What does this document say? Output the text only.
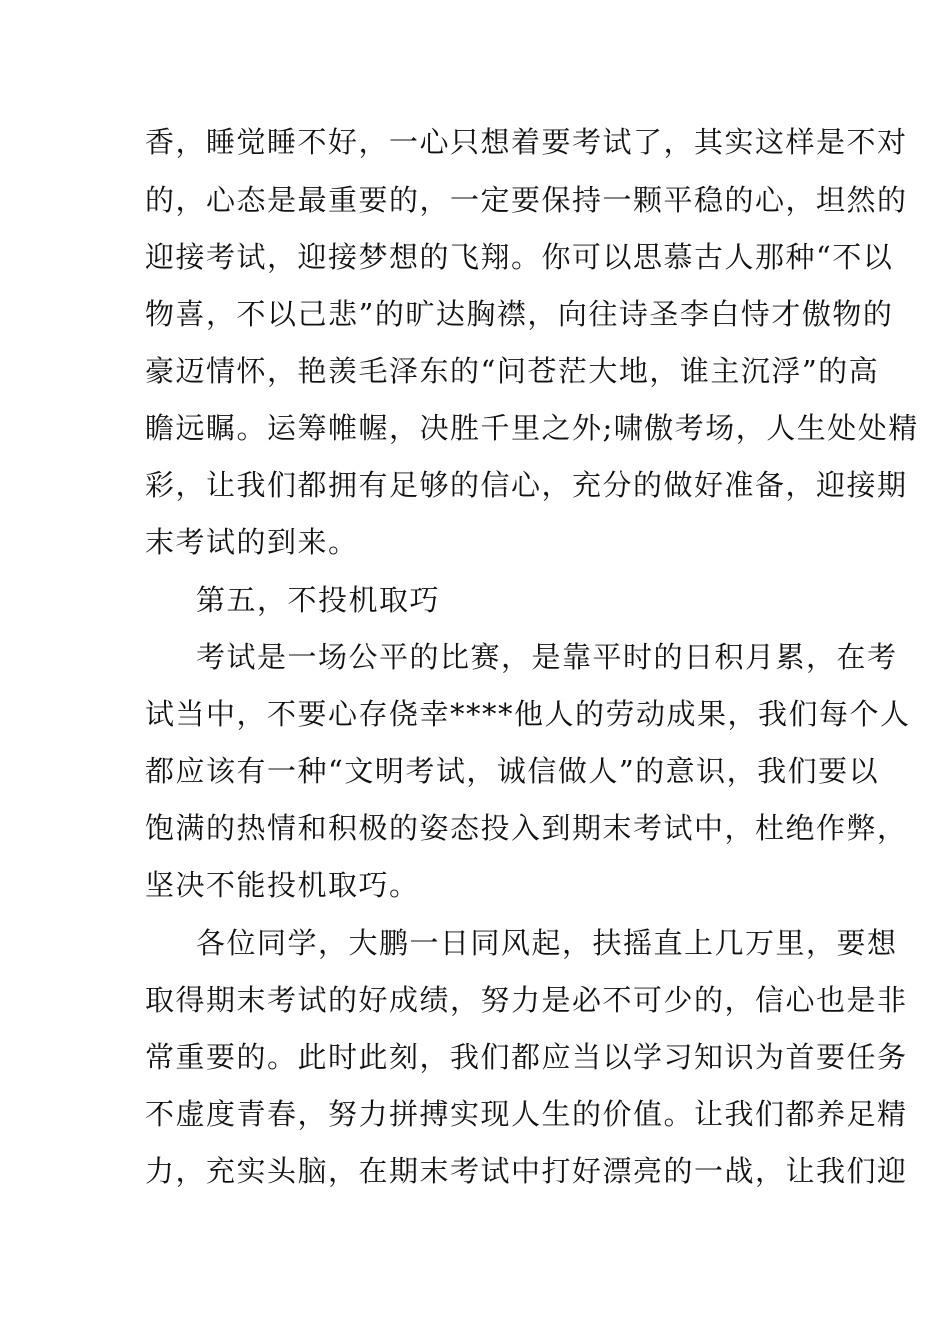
香，睡觉睡不好，一心只想着要考试了，其实这样是不对
的，心态是最重要的，一定要保持一颗平稳的心，坦然的
迎接考试，迎接梦想的飞翔。你可以思慕古人那种“不以
物喜，不以己悲”的旷达胸襟，向往诗圣李白恃才傲物的
豪迈情怀，艳羡毛泽东的“问苍茫大地，谁主沉浮”的高
瞻远瞩。运筹帷幄，决胜千里之外;啸傲考场，人生处处精
彩，让我们都拥有足够的信心，充分的做好准备，迎接期
末考试的到来。
第五，不投机取巧
考试是一场公平的比赛，是靠平时的日积月累，在考
试当中，不要心存侥幸****他人的劳动成果，我们每个人
都应该有一种“文明考试，诚信做人”的意识，我们要以
饱满的热情和积极的姿态投入到期末考试中，杜绝作弊，
坚决不能投机取巧。
各位同学，大鹏一日同风起，扶摇直上几万里，要想
取得期末考试的好成绩，努力是必不可少的，信心也是非
常重要的。此时此刻，我们都应当以学习知识为首要任务
不虚度青春，努力拼搏实现人生的价值。让我们都养足精
力，充实头脑，在期末考试中打好漂亮的一战，让我们迎
